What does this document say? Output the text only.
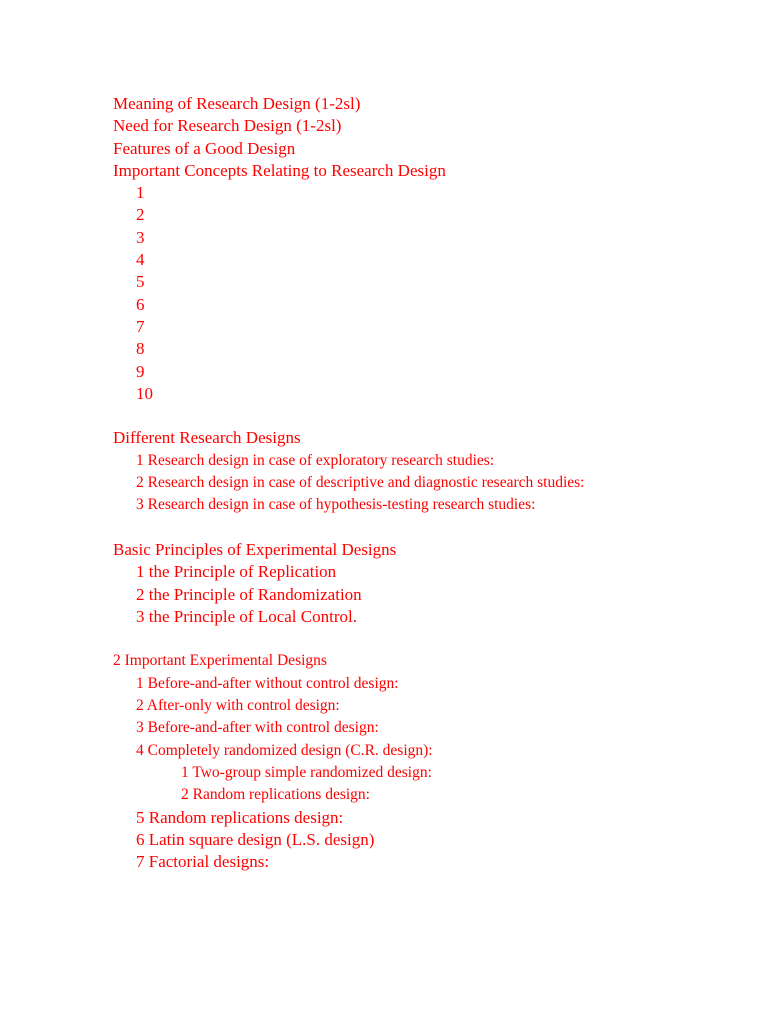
Meaning of Research Design (1-2sl)
Need for Research Design (1-2sl)
Features of a Good Design
Important Concepts Relating to Research Design
1
2
3
4
5
6
7
8
9
10
Different Research Designs
1 Research design in case of exploratory research studies:
2 Research design in case of descriptive and diagnostic research studies:
3 Research design in case of hypothesis-testing research studies:
Basic Principles of Experimental Designs
1 the Principle of Replication
2 the Principle of Randomization
3 the Principle of Local Control.
2 Important Experimental Designs
1 Before-and-after without control design:
2 After-only with control design:
3 Before-and-after with control design:
4 Completely randomized design (C.R. design):
1 Two-group simple randomized design:
2 Random replications design:
5 Random replications design:
6 Latin square design (L.S. design)
7 Factorial designs:
